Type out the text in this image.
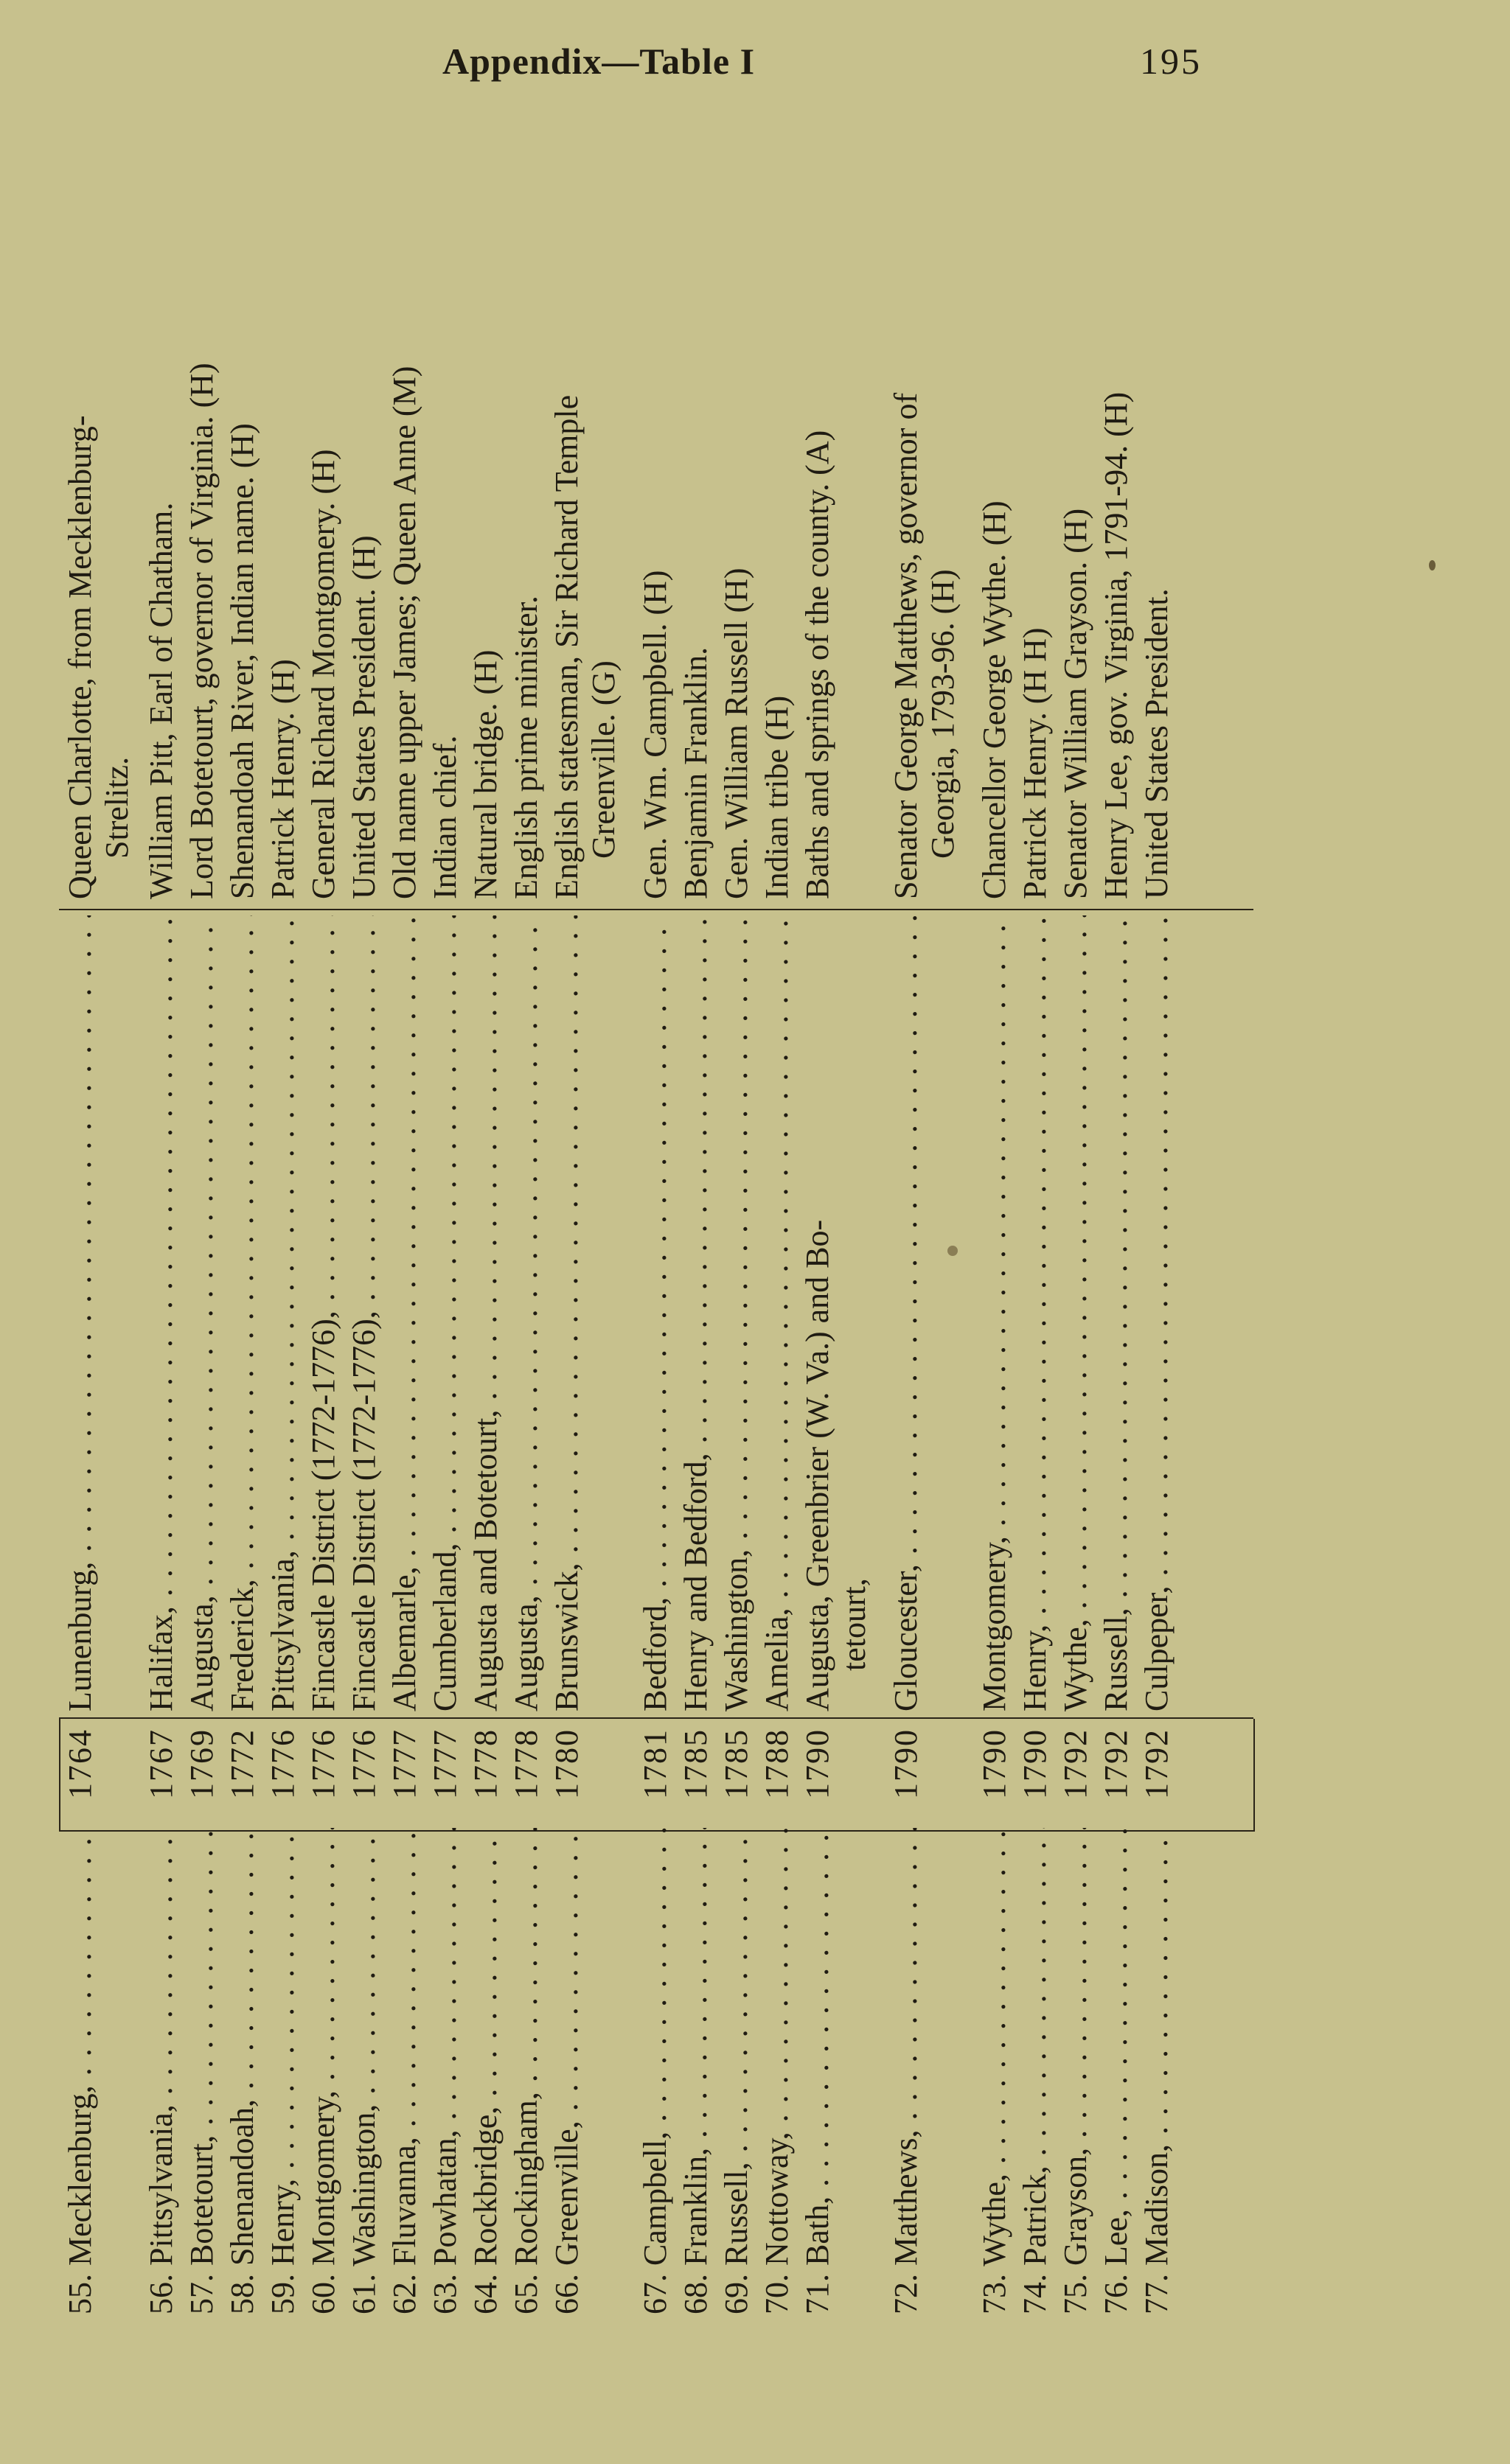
Appendix—Table I	195
55. Mecklenburg, . . .
1764
Lunenburg, . . .
Queen Charlotte, from Mecklenburg- Strelitz.
56. Pittsylvania, . . .
1767
Halifax, . . .
William Pitt, Earl of Chatham.
57. Botetourt, . . .
1769
Augusta, . . .
Lord Botetourt, governor of Virginia. (H)
58. Shenandoah, . . .
1772
Frederick, . . .
Shenandoah River, Indian name. (H)
59. Henry, . . .
1776
Pittsylvania, . . .
Patrick Henry. (H)
60. Montgomery, . . .
1776
Fincastle District (1772-1776), . . .
General Richard Montgomery. (H)
61. Washington, . . .
1776
Fincastle District (1772-1776), . . .
United States President. (H)
62. Fluvanna, . . .
1777
Albemarle, . . .
Old name upper James; Queen Anne (M)
63. Powhatan, . . .
1777
Cumberland, . . .
Indian chief.
64. Rockbridge, . . .
1778
Augusta and Botetourt, . . .
Natural bridge. (H)
65. Rockingham, . . .
1778
Augusta, . . .
English prime minister.
66. Greenville, . . .
1780
Brunswick, . . .
English statesman, Sir Richard Temple Greenville. (G)
67. Campbell, . . .
1781
Bedford, . . .
Gen. Wm. Campbell. (H)
68. Franklin, . . .
1785
Henry and Bedford, . . .
Benjamin Franklin.
69. Russell, . . .
1785
Washington, . . .
Gen. William Russell (H)
70. Nottoway, . . .
1788
Amelia, . . .
Indian tribe (H)
71. Bath, . . .
1790
Augusta, Greenbrier (W. Va.) and Bo-
Baths and springs of the county. (A)
tetourt,
72. Matthews, . . .
1790
Gloucester, . . .
Senator George Matthews, governor of Georgia, 1793-96. (H)
73. Wythe, . . .
1790
Montgomery, . . .
Chancellor George Wythe. (H)
74. Patrick, . . .
1790
Henry, . . .
Patrick Henry. (H H)
75. Grayson, . . .
1792
Wythe, . . .
Senator William Grayson. (H)
76. Lee, . . .
1792
Russell, . . .
Henry Lee, gov. Virginia, 1791-94. (H)
77. Madison, . . .
1792
Culpeper, . . .
United States President.
